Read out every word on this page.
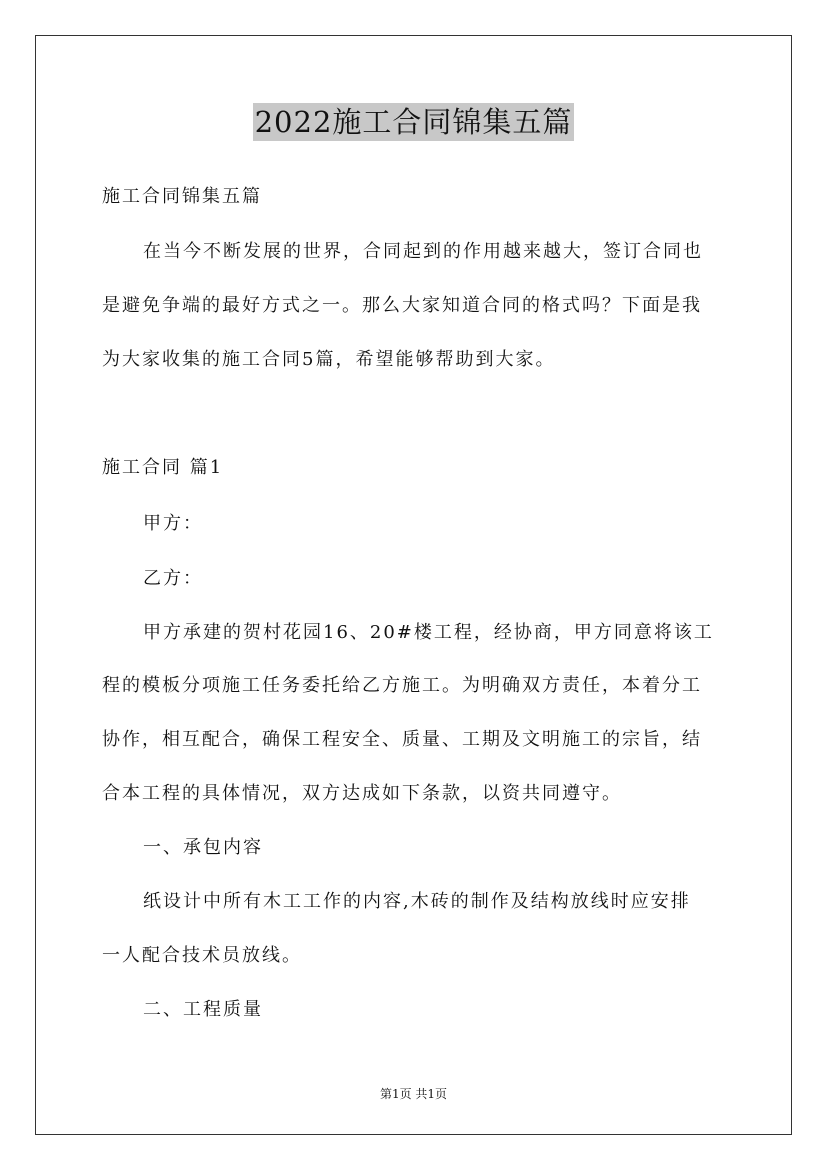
2022施工合同锦集五篇
施工合同锦集五篇
在当今不断发展的世界，合同起到的作用越来越大，签订合同也
是避免争端的最好方式之一。那么大家知道合同的格式吗？下面是我
为大家收集的施工合同5篇，希望能够帮助到大家。
施工合同 篇1
甲方：
乙方：
甲方承建的贺村花园16、20#楼工程，经协商，甲方同意将该工
程的模板分项施工任务委托给乙方施工。为明确双方责任，本着分工
协作，相互配合，确保工程安全、质量、工期及文明施工的宗旨，结
合本工程的具体情况，双方达成如下条款，以资共同遵守。
一、承包内容
纸设计中所有木工工作的内容,木砖的制作及结构放线时应安排
一人配合技术员放线。
二、工程质量
第1页 共1页
